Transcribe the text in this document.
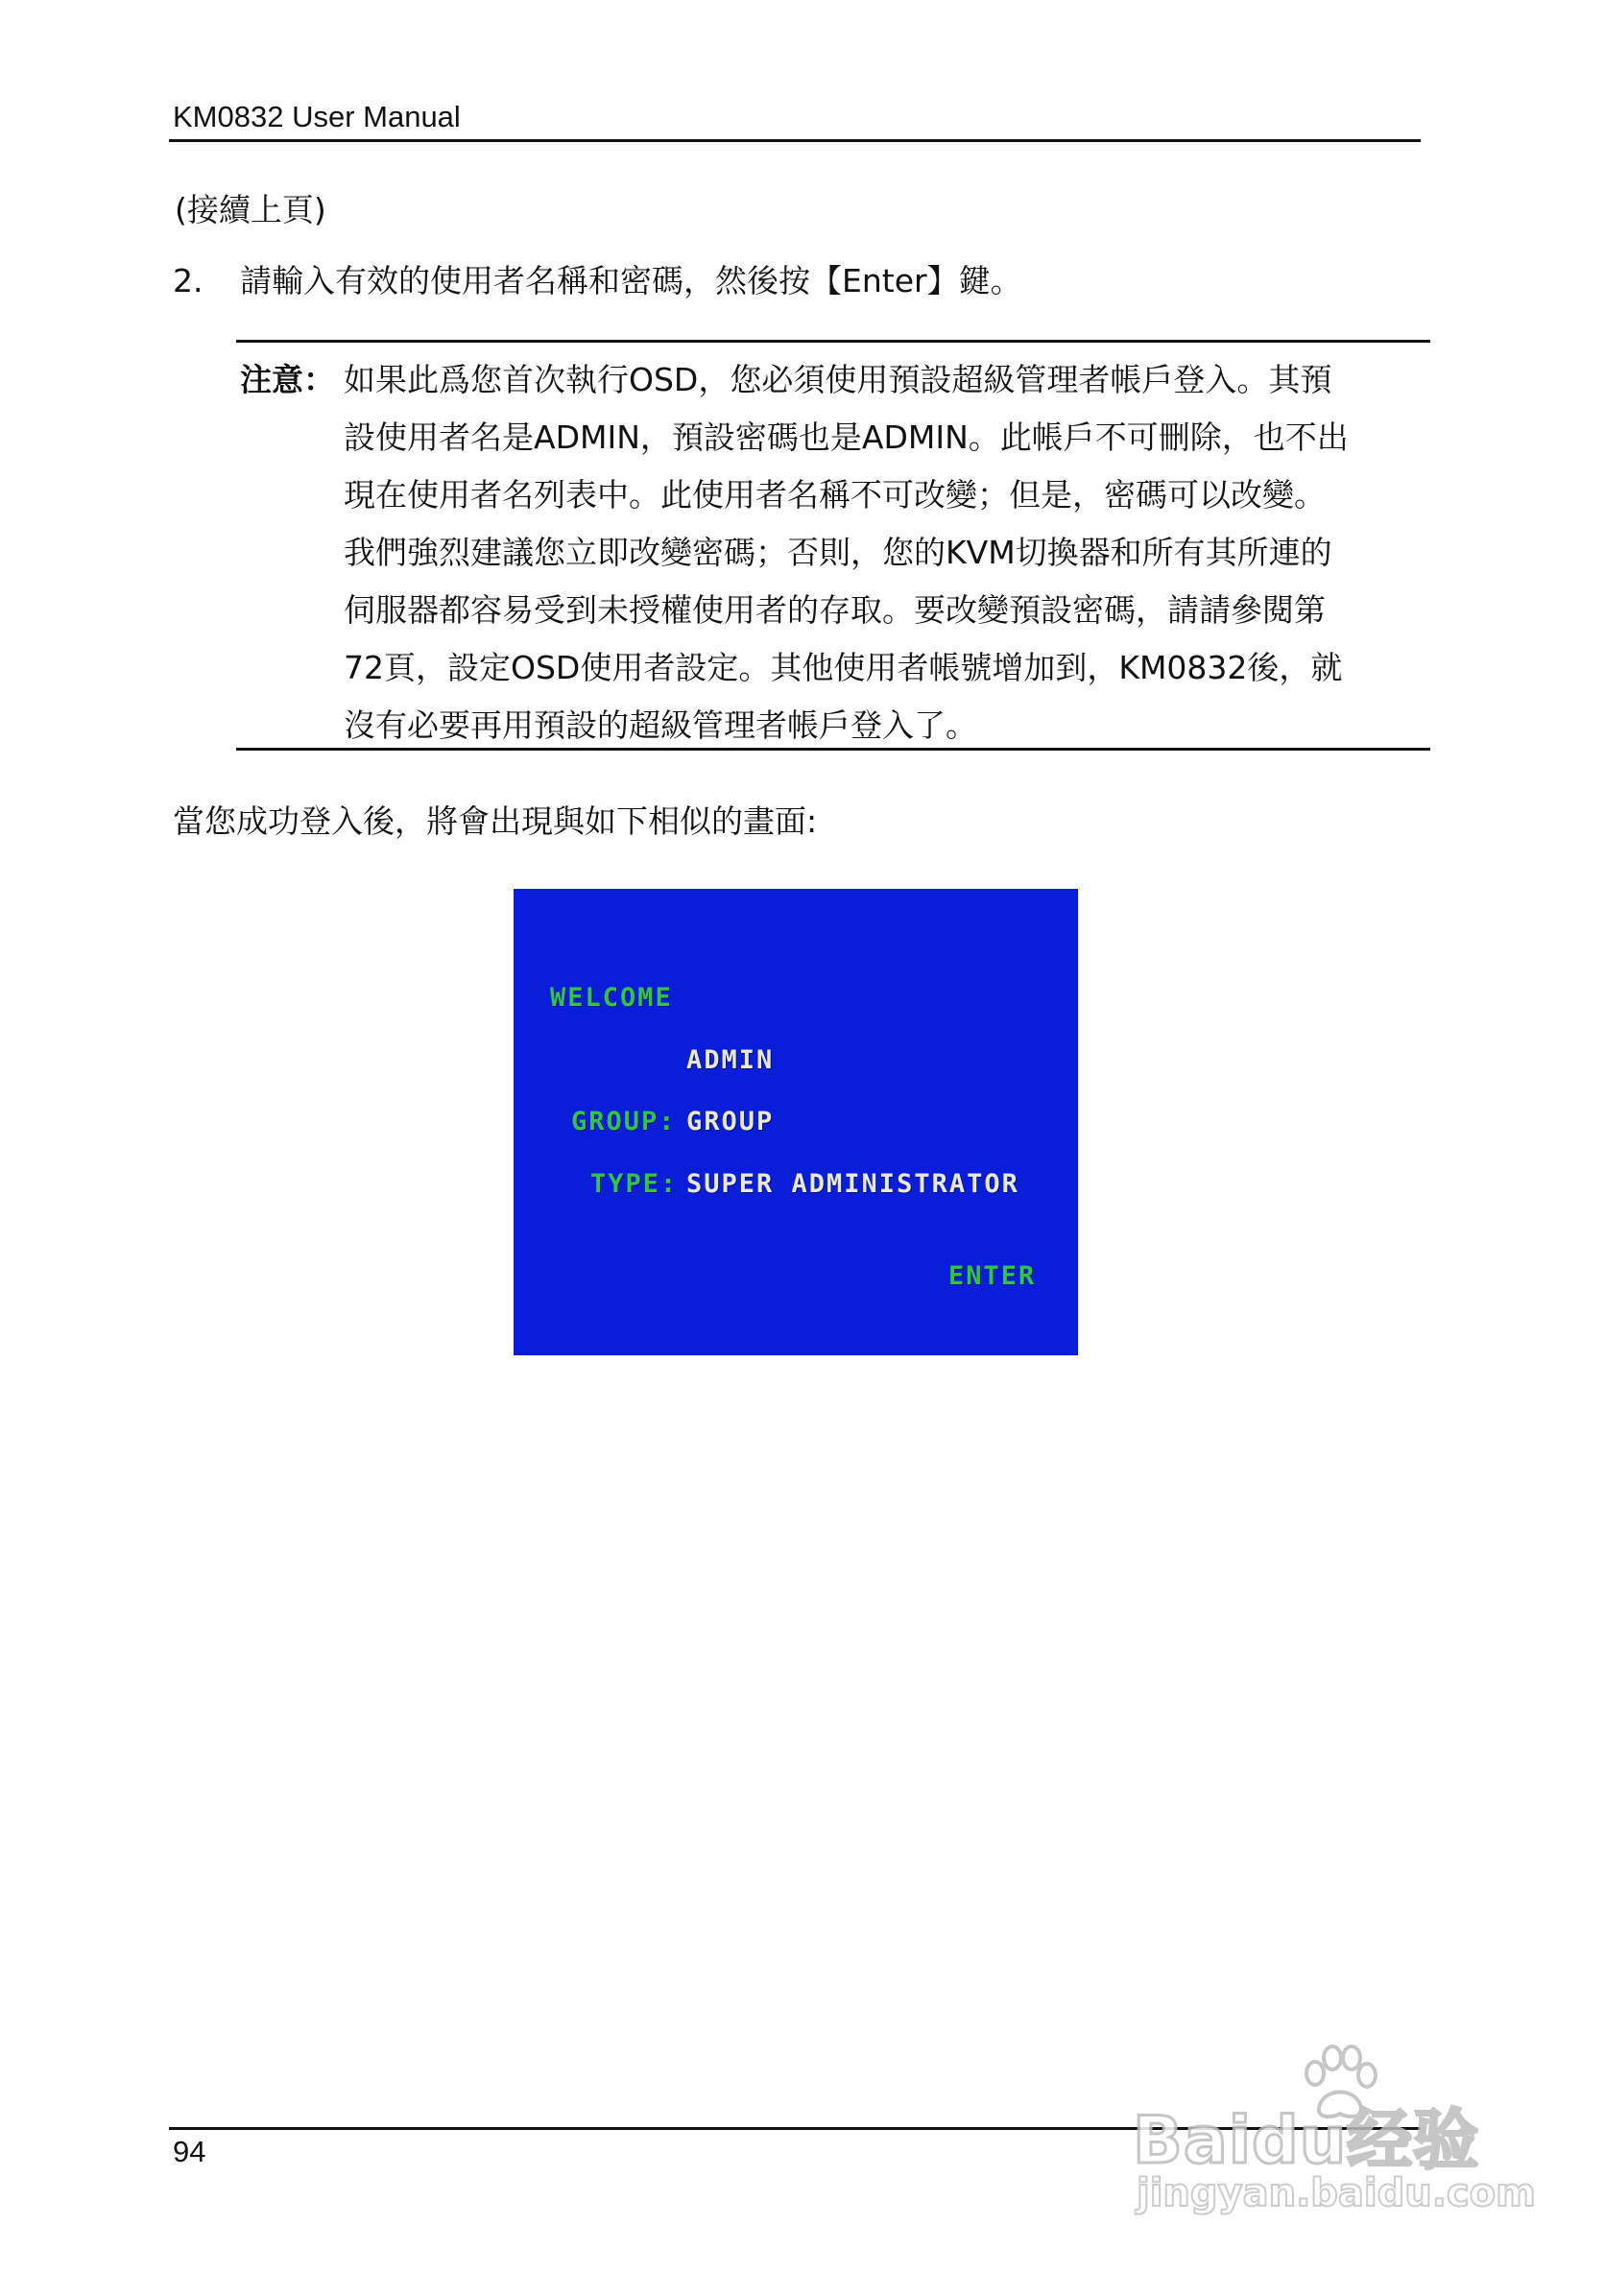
KM0832 User Manual
(接續上頁)
2. 請輸入有效的使用者名稱和密碼，然後按【Enter】鍵。
注意： 如果此爲您首次執行OSD，您必須使用預設超級管理者帳戶登入。其預
設使用者名是ADMIN，預設密碼也是ADMIN。此帳戶不可刪除，也不出
現在使用者名列表中。此使用者名稱不可改變；但是，密碼可以改變。
我們強烈建議您立即改變密碼；否則，您的KVM切換器和所有其所連的
伺服器都容易受到未授權使用者的存取。要改變預設密碼，請請參閱第
72頁，設定OSD使用者設定。其他使用者帳號增加到，KM0832後，就
沒有必要再用預設的超級管理者帳戶登入了。
當您成功登入後，將會出現與如下相似的畫面:
WELCOME
ADMIN
GROUP: GROUP
TYPE: SUPER ADMINISTRATOR
ENTER
94	Baidu经验
jingyan.baidu.com
